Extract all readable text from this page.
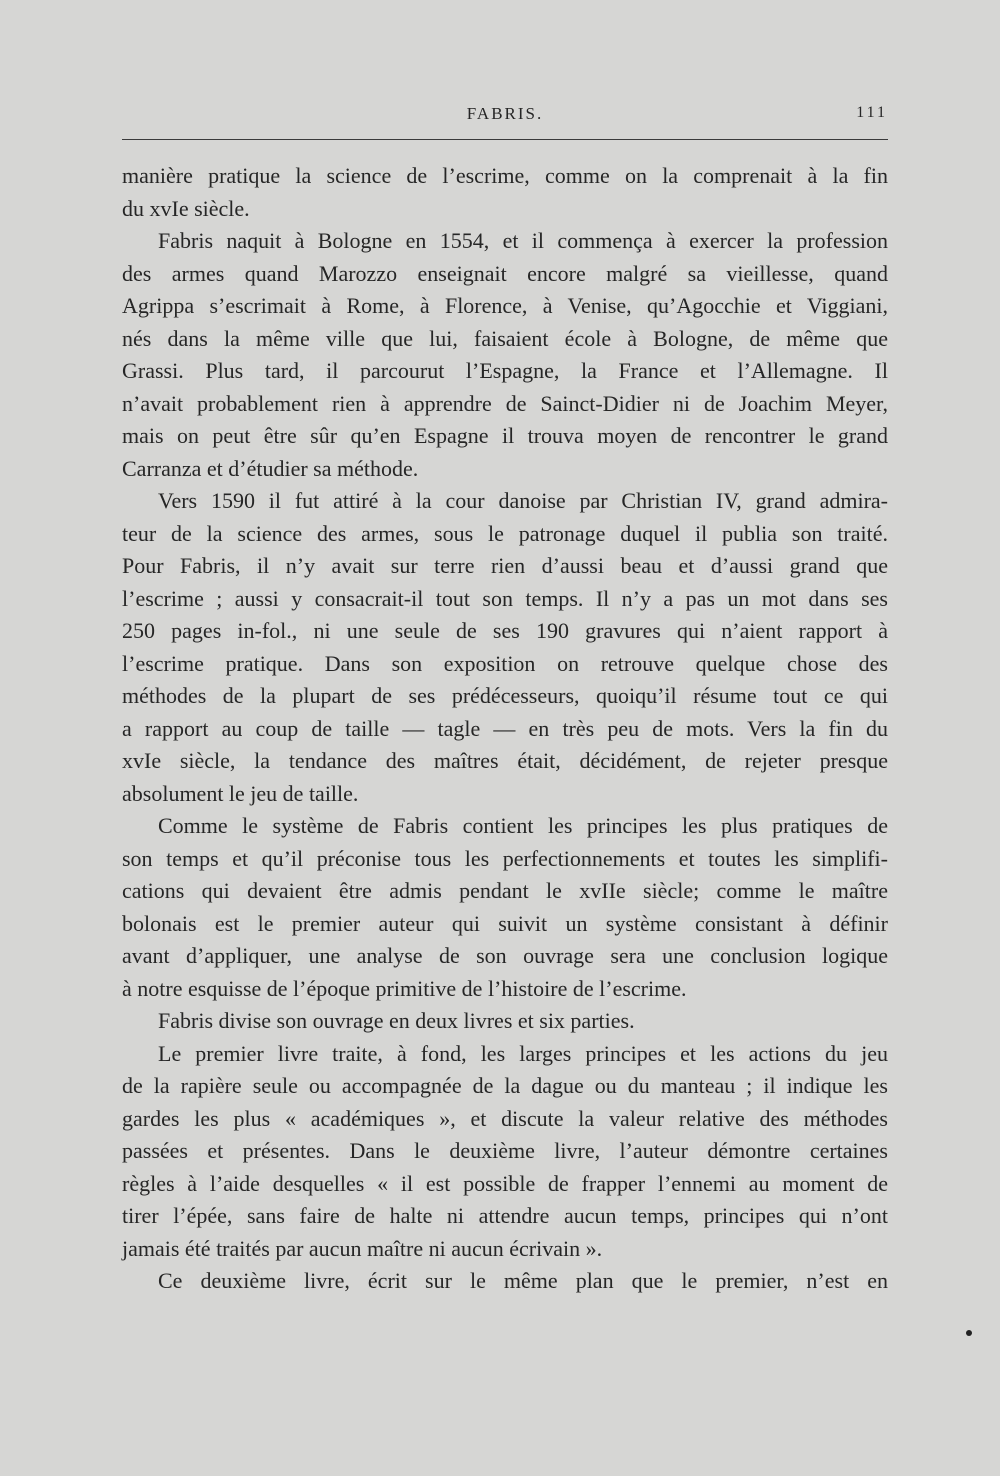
FABRIS.	111
manière pratique la science de l’escrime, comme on la comprenait à la fin
du xvIe siècle.
Fabris naquit à Bologne en 1554, et il commença à exercer la profession
des armes quand Marozzo enseignait encore malgré sa vieillesse, quand
Agrippa s’escrimait à Rome, à Florence, à Venise, qu’Agocchie et Viggiani,
nés dans la même ville que lui, faisaient école à Bologne, de même que
Grassi. Plus tard, il parcourut l’Espagne, la France et l’Allemagne. Il
n’avait probablement rien à apprendre de Sainct-Didier ni de Joachim Meyer,
mais on peut être sûr qu’en Espagne il trouva moyen de rencontrer le grand
Carranza et d’étudier sa méthode.
Vers 1590 il fut attiré à la cour danoise par Christian IV, grand admira-
teur de la science des armes, sous le patronage duquel il publia son traité.
Pour Fabris, il n’y avait sur terre rien d’aussi beau et d’aussi grand que
l’escrime ; aussi y consacrait-il tout son temps. Il n’y a pas un mot dans ses
250 pages in-fol., ni une seule de ses 190 gravures qui n’aient rapport à
l’escrime pratique. Dans son exposition on retrouve quelque chose des
méthodes de la plupart de ses prédécesseurs, quoiqu’il résume tout ce qui
a rapport au coup de taille — tagle — en très peu de mots. Vers la fin du
xvIe siècle, la tendance des maîtres était, décidément, de rejeter presque
absolument le jeu de taille.
Comme le système de Fabris contient les principes les plus pratiques de
son temps et qu’il préconise tous les perfectionnements et toutes les simplifi-
cations qui devaient être admis pendant le xvIIe siècle; comme le maître
bolonais est le premier auteur qui suivit un système consistant à définir
avant d’appliquer, une analyse de son ouvrage sera une conclusion logique
à notre esquisse de l’époque primitive de l’histoire de l’escrime.
Fabris divise son ouvrage en deux livres et six parties.
Le premier livre traite, à fond, les larges principes et les actions du jeu
de la rapière seule ou accompagnée de la dague ou du manteau ; il indique les
gardes les plus « académiques », et discute la valeur relative des méthodes
passées et présentes. Dans le deuxième livre, l’auteur démontre certaines
règles à l’aide desquelles « il est possible de frapper l’ennemi au moment de
tirer l’épée, sans faire de halte ni attendre aucun temps, principes qui n’ont
jamais été traités par aucun maître ni aucun écrivain ».
Ce deuxième livre, écrit sur le même plan que le premier, n’est en
